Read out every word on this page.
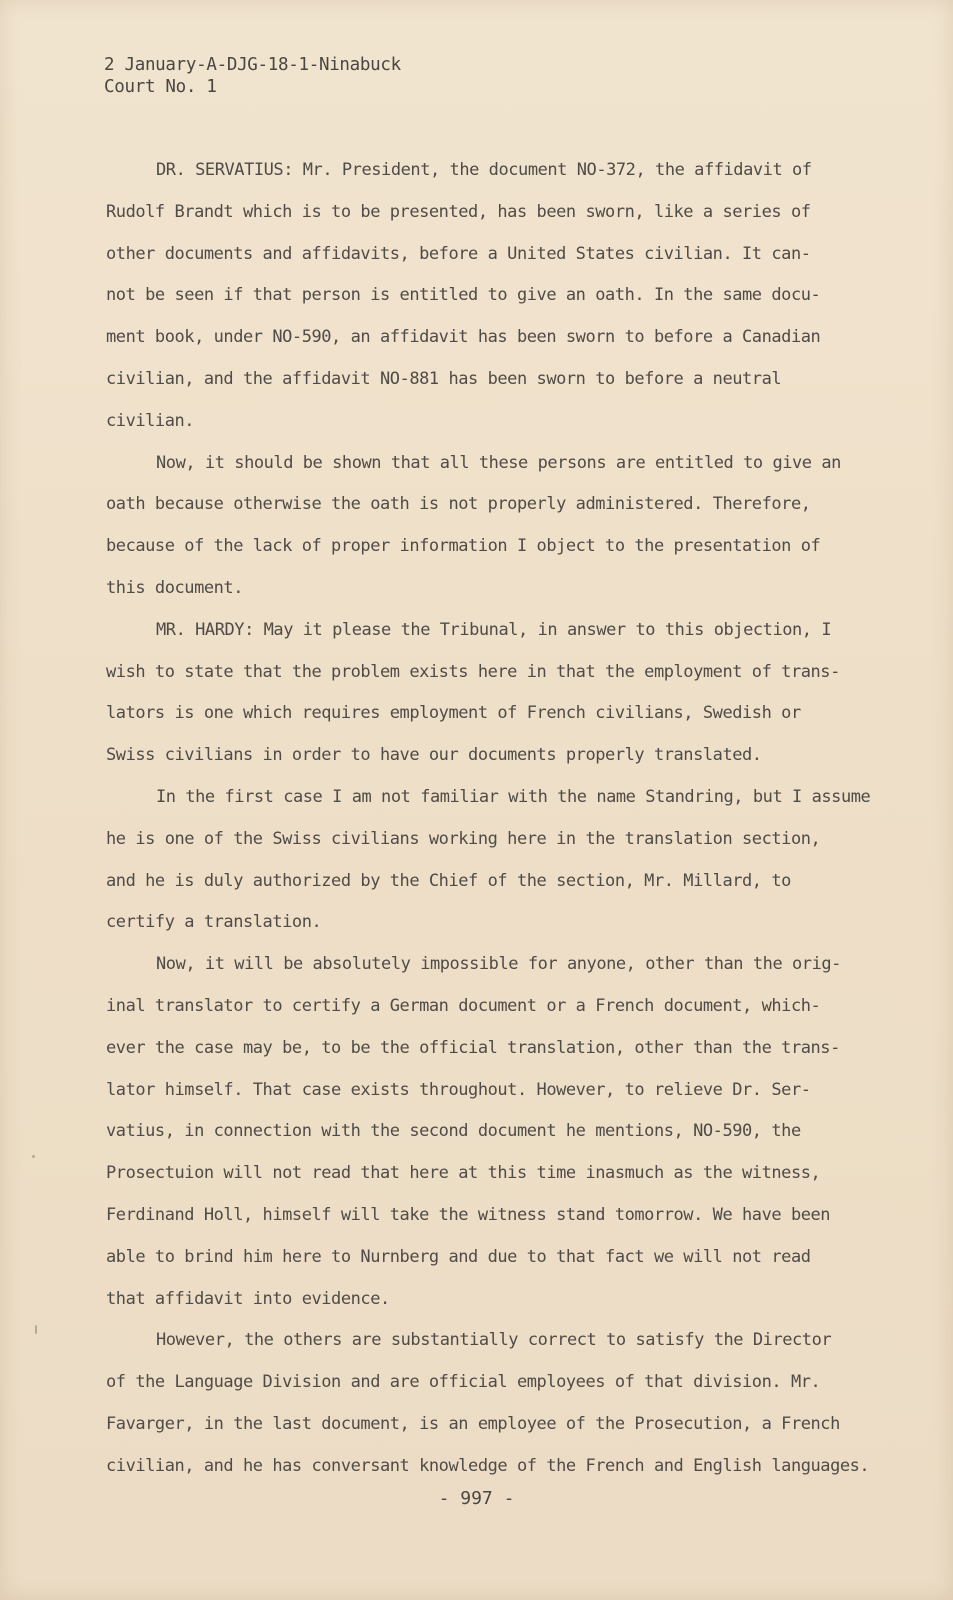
2 January-A-DJG-18-1-Ninabuck
Court No. 1
DR. SERVATIUS: Mr. President, the document NO-372, the affidavit of
Rudolf Brandt which is to be presented, has been sworn, like a series of
other documents and affidavits, before a United States civilian. It can-
not be seen if that person is entitled to give an oath. In the same docu-
ment book, under NO-590, an affidavit has been sworn to before a Canadian
civilian, and the affidavit NO-881 has been sworn to before a neutral
civilian.
Now, it should be shown that all these persons are entitled to give an
oath because otherwise the oath is not properly administered. Therefore,
because of the lack of proper information I object to the presentation of
this document.
MR. HARDY: May it please the Tribunal, in answer to this objection, I
wish to state that the problem exists here in that the employment of trans-
lators is one which requires employment of French civilians, Swedish or
Swiss civilians in order to have our documents properly translated.
In the first case I am not familiar with the name Standring, but I assume
he is one of the Swiss civilians working here in the translation section,
and he is duly authorized by the Chief of the section, Mr. Millard, to
certify a translation.
Now, it will be absolutely impossible for anyone, other than the orig-
inal translator to certify a German document or a French document, which-
ever the case may be, to be the official translation, other than the trans-
lator himself. That case exists throughout. However, to relieve Dr. Ser-
vatius, in connection with the second document he mentions, NO-590, the
Prosectuion will not read that here at this time inasmuch as the witness,
Ferdinand Holl, himself will take the witness stand tomorrow. We have been
able to brind him here to Nurnberg and due to that fact we will not read
that affidavit into evidence.
However, the others are substantially correct to satisfy the Director
of the Language Division and are official employees of that division. Mr.
Favarger, in the last document, is an employee of the Prosecution, a French
civilian, and he has conversant knowledge of the French and English languages.
- 997 -
